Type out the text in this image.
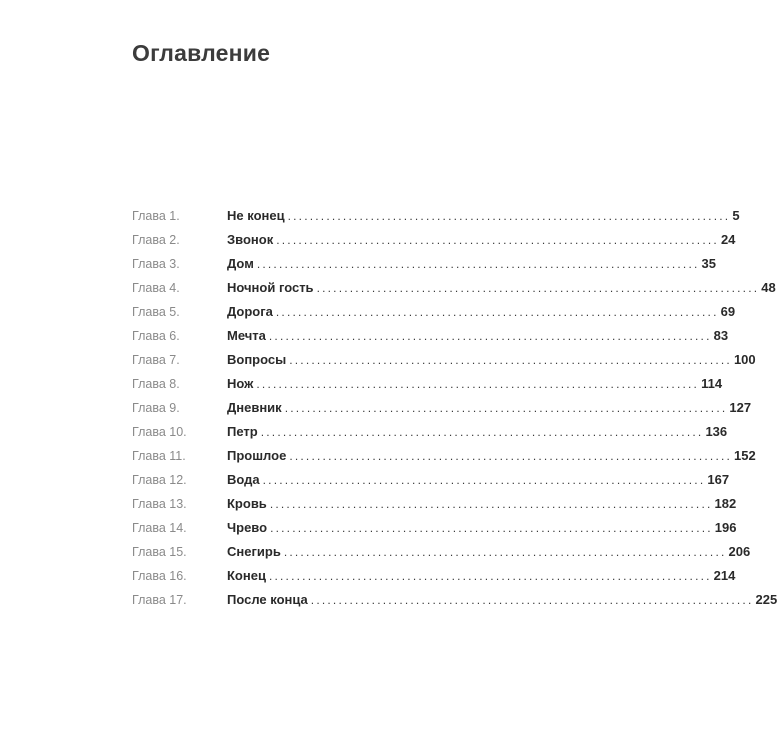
Оглавление
Глава 1.	Не конец ................................................................................ 5
Глава 2.	Звонок ................................................................................ 24
Глава 3.	Дом ................................................................................ 35
Глава 4.	Ночной гость ................................................................................ 48
Глава 5.	Дорога ................................................................................ 69
Глава 6.	Мечта ................................................................................ 83
Глава 7.	Вопросы ................................................................................ 100
Глава 8.	Нож ................................................................................ 114
Глава 9.	Дневник ................................................................................ 127
Глава 10.	Петр ................................................................................ 136
Глава 11.	Прошлое ................................................................................ 152
Глава 12.	Вода ................................................................................ 167
Глава 13.	Кровь ................................................................................ 182
Глава 14.	Чрево ................................................................................ 196
Глава 15.	Снегирь ................................................................................ 206
Глава 16.	Конец ................................................................................ 214
Глава 17.	После конца ................................................................................ 225
